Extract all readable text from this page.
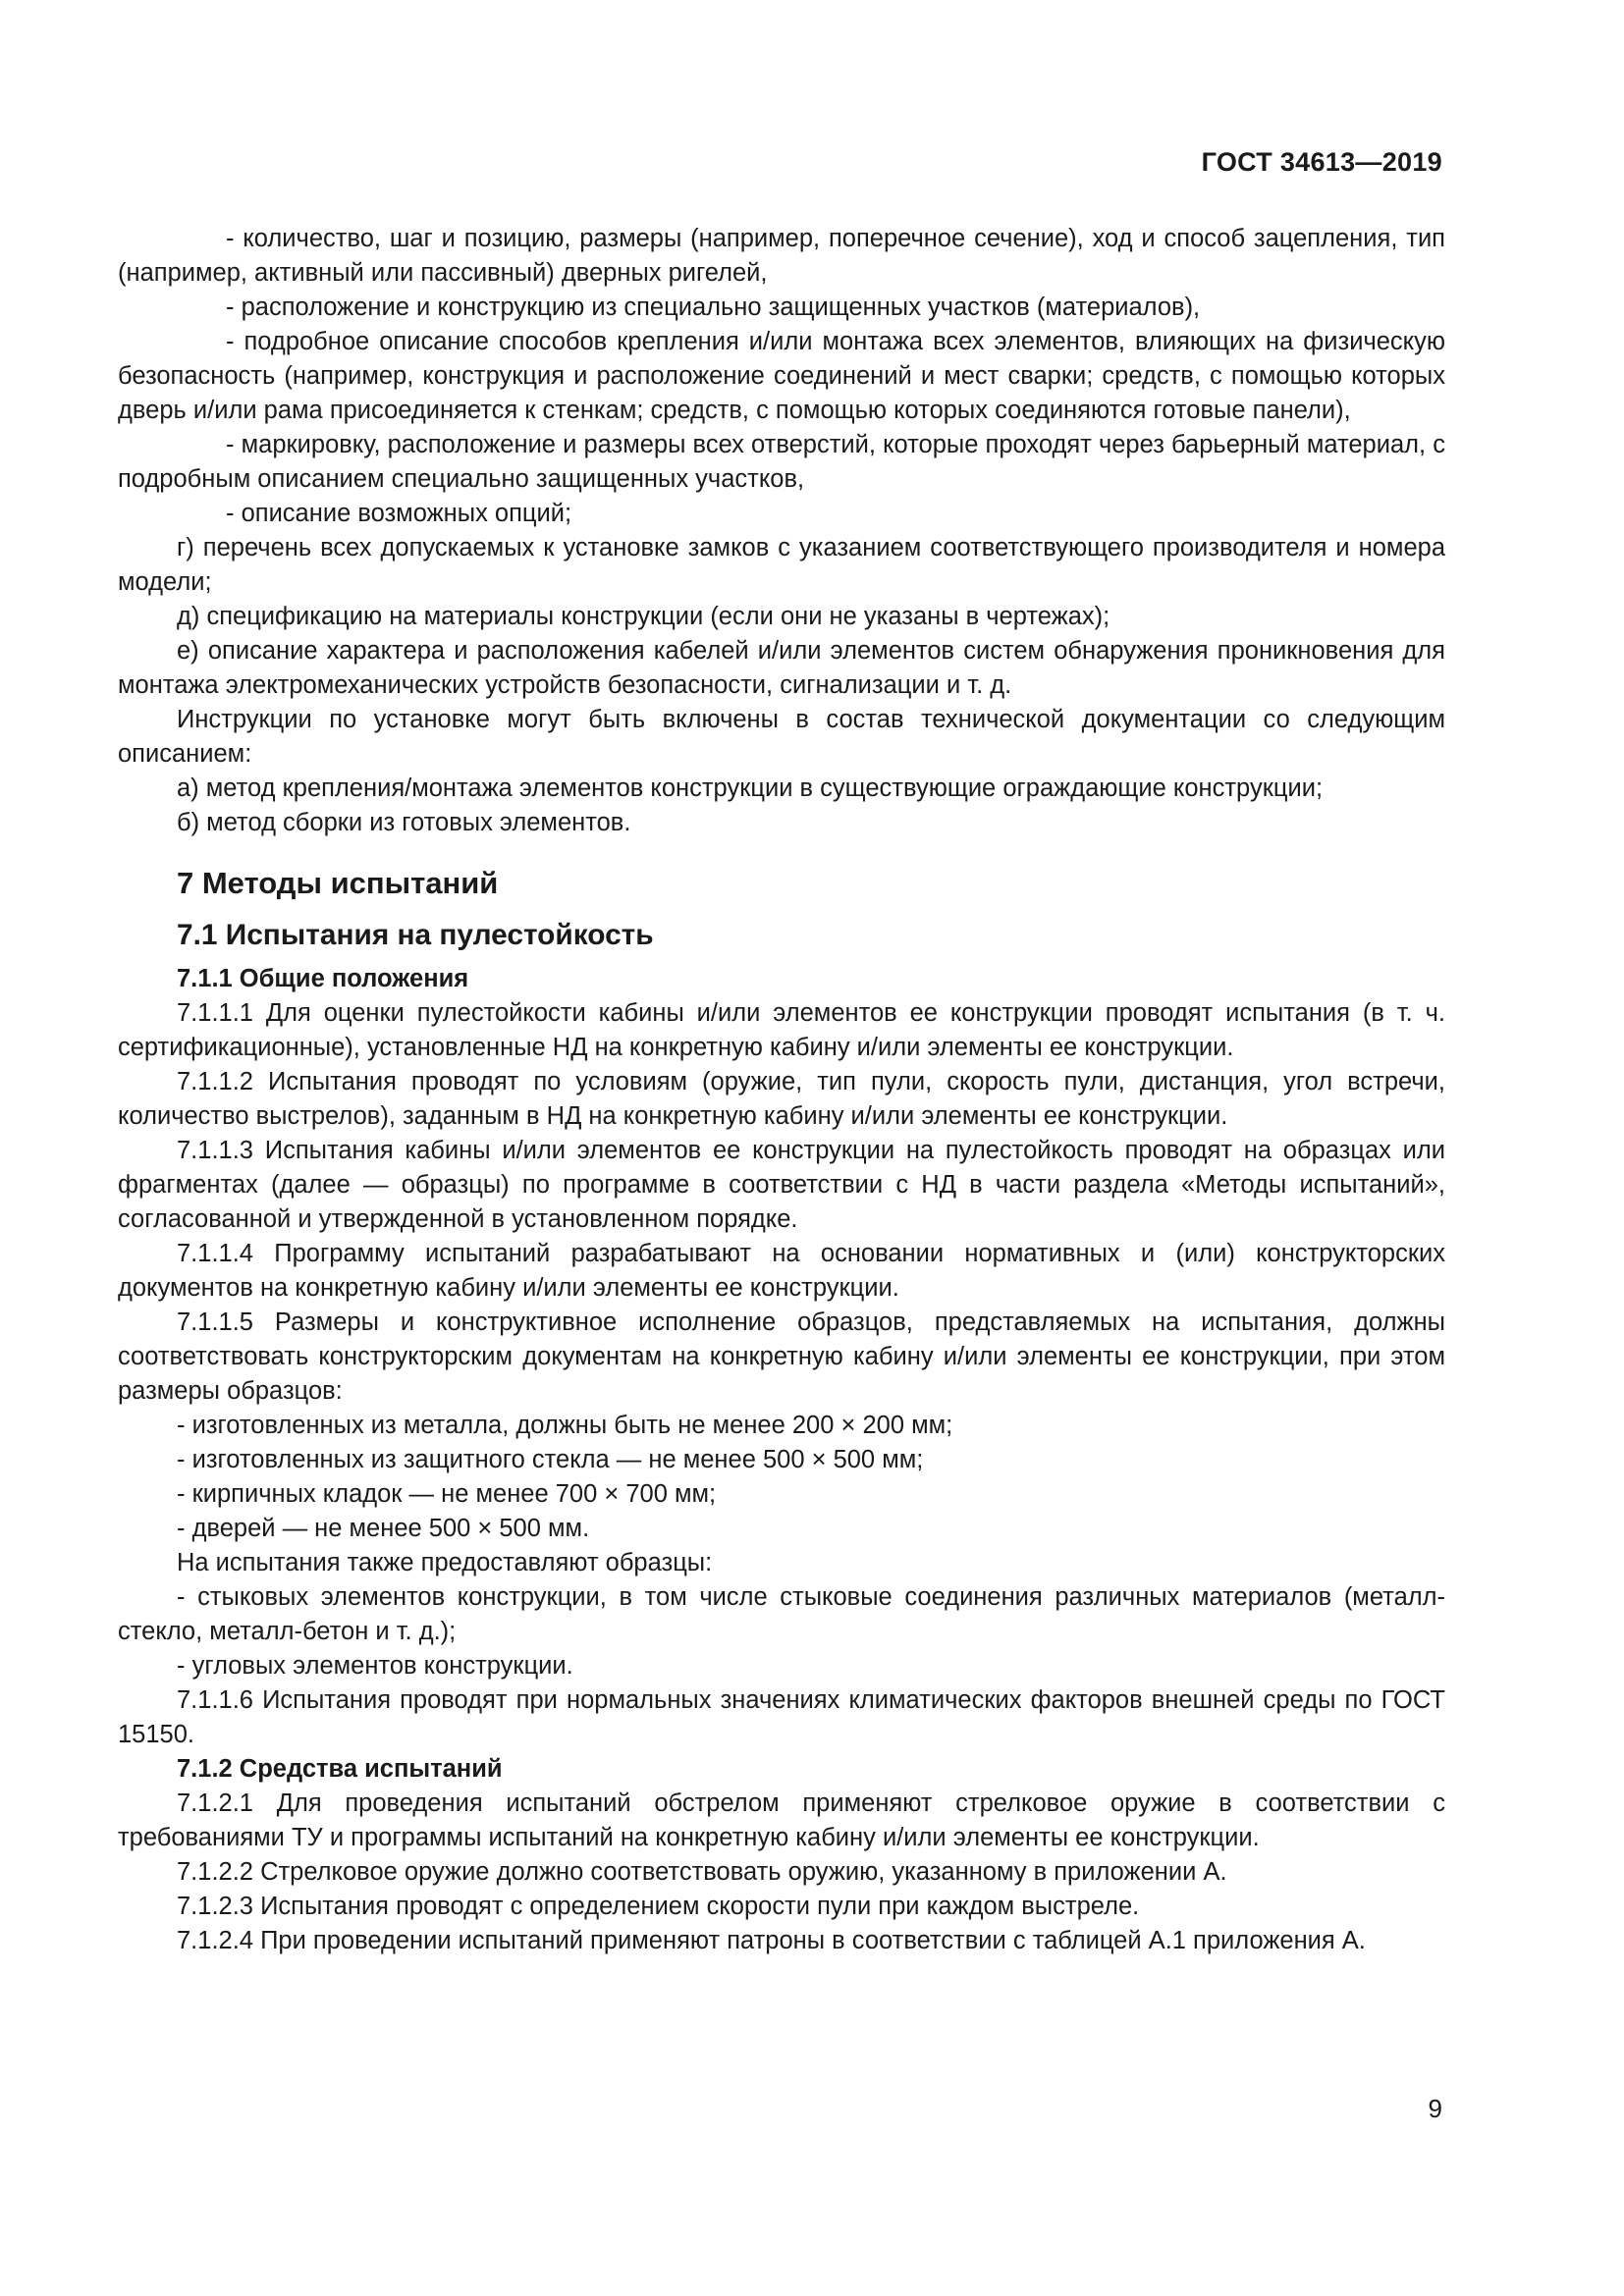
ГОСТ 34613—2019

- количество, шаг и позицию, размеры (например, поперечное сечение), ход и способ зацепления, тип (например, активный или пассивный) дверных ригелей,

- расположение и конструкцию из специально защищенных участков (материалов),

- подробное описание способов крепления и/или монтажа всех элементов, влияющих на физическую безопасность (например, конструкция и расположение соединений и мест сварки; средств, с помощью которых дверь и/или рама присоединяется к стенкам; средств, с помощью которых соединяются готовые панели),

- маркировку, расположение и размеры всех отверстий, которые проходят через барьерный материал, с подробным описанием специально защищенных участков,

- описание возможных опций;

г) перечень всех допускаемых к установке замков с указанием соответствующего производителя и номера модели;

д) спецификацию на материалы конструкции (если они не указаны в чертежах);

е) описание характера и расположения кабелей и/или элементов систем обнаружения проникновения для монтажа электромеханических устройств безопасности, сигнализации и т. д.

Инструкции по установке могут быть включены в состав технической документации со следующим описанием:

а) метод крепления/монтажа элементов конструкции в существующие ограждающие конструкции;

б) метод сборки из готовых элементов.

7 Методы испытаний
7.1 Испытания на пулестойкость
7.1.1 Общие положения

7.1.1.1 Для оценки пулестойкости кабины и/или элементов ее конструкции проводят испытания (в т. ч. сертификационные), установленные НД на конкретную кабину и/или элементы ее конструкции.

7.1.1.2 Испытания проводят по условиям (оружие, тип пули, скорость пули, дистанция, угол встречи, количество выстрелов), заданным в НД на конкретную кабину и/или элементы ее конструкции.

7.1.1.3 Испытания кабины и/или элементов ее конструкции на пулестойкость проводят на образцах или фрагментах (далее — образцы) по программе в соответствии с НД в части раздела «Методы испытаний», согласованной и утвержденной в установленном порядке.

7.1.1.4 Программу испытаний разрабатывают на основании нормативных и (или) конструкторских документов на конкретную кабину и/или элементы ее конструкции.

7.1.1.5 Размеры и конструктивное исполнение образцов, представляемых на испытания, должны соответствовать конструкторским документам на конкретную кабину и/или элементы ее конструкции, при этом размеры образцов:

- изготовленных из металла, должны быть не менее 200 × 200 мм;

- изготовленных из защитного стекла — не менее 500 × 500 мм;

- кирпичных кладок — не менее 700 × 700 мм;

- дверей — не менее 500 × 500 мм.

На испытания также предоставляют образцы:

- стыковых элементов конструкции, в том числе стыковые соединения различных материалов (металл-стекло, металл-бетон и т. д.);

- угловых элементов конструкции.

7.1.1.6 Испытания проводят при нормальных значениях климатических факторов внешней среды по ГОСТ 15150.

7.1.2 Средства испытаний

7.1.2.1 Для проведения испытаний обстрелом применяют стрелковое оружие в соответствии с требованиями ТУ и программы испытаний на конкретную кабину и/или элементы ее конструкции.

7.1.2.2 Стрелковое оружие должно соответствовать оружию, указанному в приложении А.

7.1.2.3 Испытания проводят с определением скорости пули при каждом выстреле.

7.1.2.4 При проведении испытаний применяют патроны в соответствии с таблицей А.1 приложения А.

9
